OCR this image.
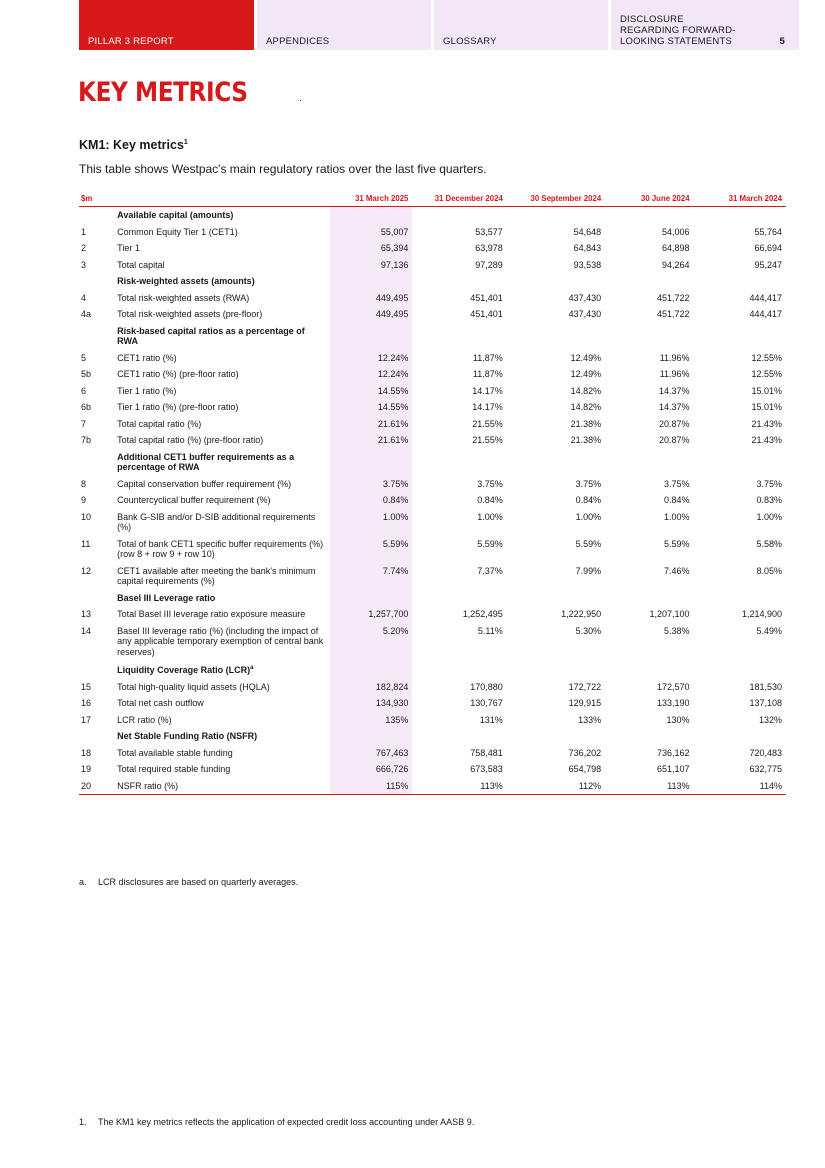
PILLAR 3 REPORT	APPENDICES	GLOSSARY
DISCLOSURE
REGARDING FORWARD-
LOOKING STATEMENTS	5
KEY METRICS
KM1: Key metrics$^1$
This table shows Westpac's main regulatory ratios over the last five quarters.
$m		31 March 2025	31 December 2024	30 September 2024	30 June 2024	31 March 2024
	Available capital (amounts)					
1	Common Equity Tier 1 (CET1)	55,007	53,577	54,648	54,006	55,764
2	Tier 1	65,394	63,978	64,843	64,898	66,694
3	Total capital	97,136	97,289	93,538	94,264	95,247
	Risk-weighted assets (amounts)					
4	Total risk-weighted assets (RWA)	449,495	451,401	437,430	451,722	444,417
4a	Total risk-weighted assets (pre-floor)	449,495	451,401	437,430	451,722	444,417
	Risk-based capital ratios as a percentage of RWA					
5	CET1 ratio (%)	12.24%	11.87%	12.49%	11.96%	12.55%
5b	CET1 ratio (%) (pre-floor ratio)	12.24%	11.87%	12.49%	11.96%	12.55%
6	Tier 1 ratio (%)	14.55%	14.17%	14.82%	14.37%	15.01%
6b	Tier 1 ratio (%) (pre-floor ratio)	14.55%	14.17%	14.82%	14.37%	15.01%
7	Total capital ratio (%)	21.61%	21.55%	21.38%	20.87%	21.43%
7b	Total capital ratio (%) (pre-floor ratio)	21.61%	21.55%	21.38%	20.87%	21.43%
	Additional CET1 buffer requirements as a percentage of RWA					
8	Capital conservation buffer requirement (%)	3.75%	3.75%	3.75%	3.75%	3.75%
9	Countercyclical buffer requirement (%)	0.84%	0.84%	0.84%	0.84%	0.83%
10	Bank G-SIB and/or D-SIB additional requirements (%)	1.00%	1.00%	1.00%	1.00%	1.00%
11	Total of bank CET1 specific buffer requirements (%)
(row 8 + row 9 + row 10)	5.59%	5.59%	5.59%	5.59%	5.58%
12	CET1 available after meeting the bank's minimum capital requirements (%)	7.74%	7.37%	7.99%	7.46%	8.05%
	Basel III Leverage ratio					
13	Total Basel III leverage ratio exposure measure	1,257,700	1,252,495	1,222,950	1,207,100	1,214,900
14	Basel III leverage ratio (%) (including the impact of any applicable temporary exemption of central bank reserves)	5.20%	5.11%	5.30%	5.38%	5.49%
	Liquidity Coverage Ratio (LCR)$^a$					
15	Total high-quality liquid assets (HQLA)	182,824	170,880	172,722	172,570	181,530
16	Total net cash outflow	134,930	130,767	129,915	133,190	137,108
17	LCR ratio (%)	135%	131%	133%	130%	132%
	Net Stable Funding Ratio (NSFR)					
18	Total available stable funding	767,463	758,481	736,202	736,162	720,483
19	Total required stable funding	666,726	673,583	654,798	651,107	632,775
20	NSFR ratio (%)	115%	113%	112%	113%	114%
a. LCR disclosures are based on quarterly averages.
1. The KM1 key metrics reflects the application of expected credit loss accounting under AASB 9.
